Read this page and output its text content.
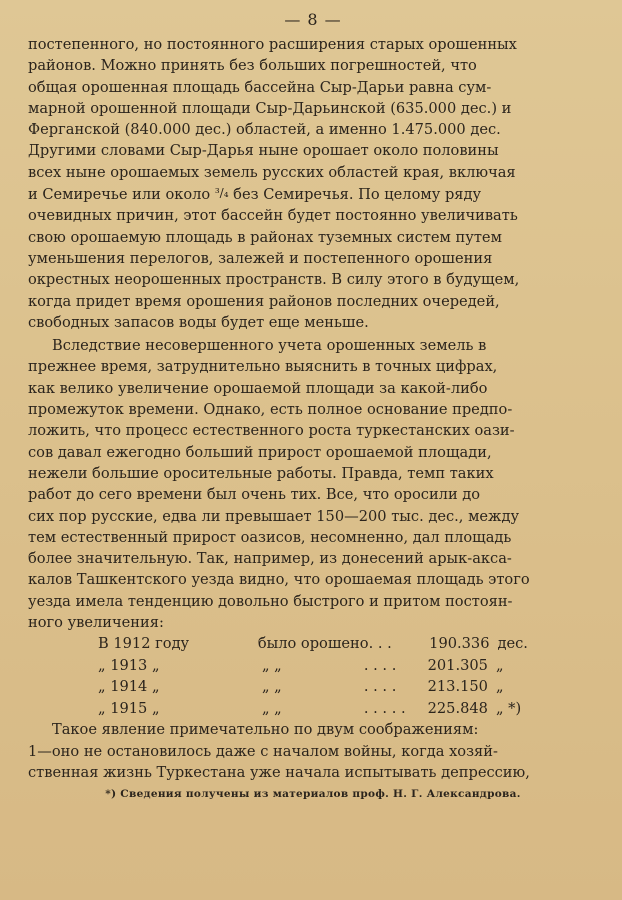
— 8 —
постепенного, но постоянного расширения старых орошенных
районов. Можно принять без больших погрешностей, что
общая орошенная площадь бассейна Сыр-Дарьи равна сум-
марной орошенной площади Сыр-Дарьинской (635.000 дес.) и
Ферганской (840.000 дес.) областей, а именно 1.475.000 дес.
Другими словами Сыр-Дарья ныне орошает около половины
всех ныне орошаемых земель русских областей края, включая
и Семиречье или около ³/₄ без Семиречья. По целому ряду
очевидных причин, этот бассейн будет постоянно увеличивать
свою орошаемую площадь в районах туземных систем путем
уменьшения перелогов, залежей и постепенного орошения
окрестных неорошенных пространств. В силу этого в будущем,
когда придет время орошения районов последних очередей,
свободных запасов воды будет еще меньше.
Вследствие несовершенного учета орошенных земель в
прежнее время, затруднительно выяснить в точных цифрах,
как велико увеличение орошаемой площади за какой-либо
промежуток времени. Однако, есть полное основание предпо-
ложить, что процесс естественного роста туркестанских оази-
сов давал ежегодно больший прирост орошаемой площади,
нежели большие оросительные работы. Правда, темп таких
работ до сего времени был очень тих. Все, что оросили до
сих пор русские, едва ли превышает 150—200 тыс. дес., между
тем естественный прирост оазисов, несомненно, дал площадь
более значительную. Так, например, из донесений арык-акса-
калов Ташкентского уезда видно, что орошаемая площадь этого
уезда имела тенденцию довольно быстрого и притом постоян-
ного увеличения:
В 1912 году	было орошено . . .	190.336 дес.
„ 1913 „	„ „	. . . .	201.305 „
„ 1914 „	„ „	. . . .	213.150 „
„ 1915 „	„ „	. . . . .	225.848 „ *)
Такое явление примечательно по двум соображениям:
1—оно не остановилось даже с началом войны, когда хозяй-
ственная жизнь Туркестана уже начала испытывать депрессию,
*) Сведения получены из материалов проф. Н. Г. Александрова.
